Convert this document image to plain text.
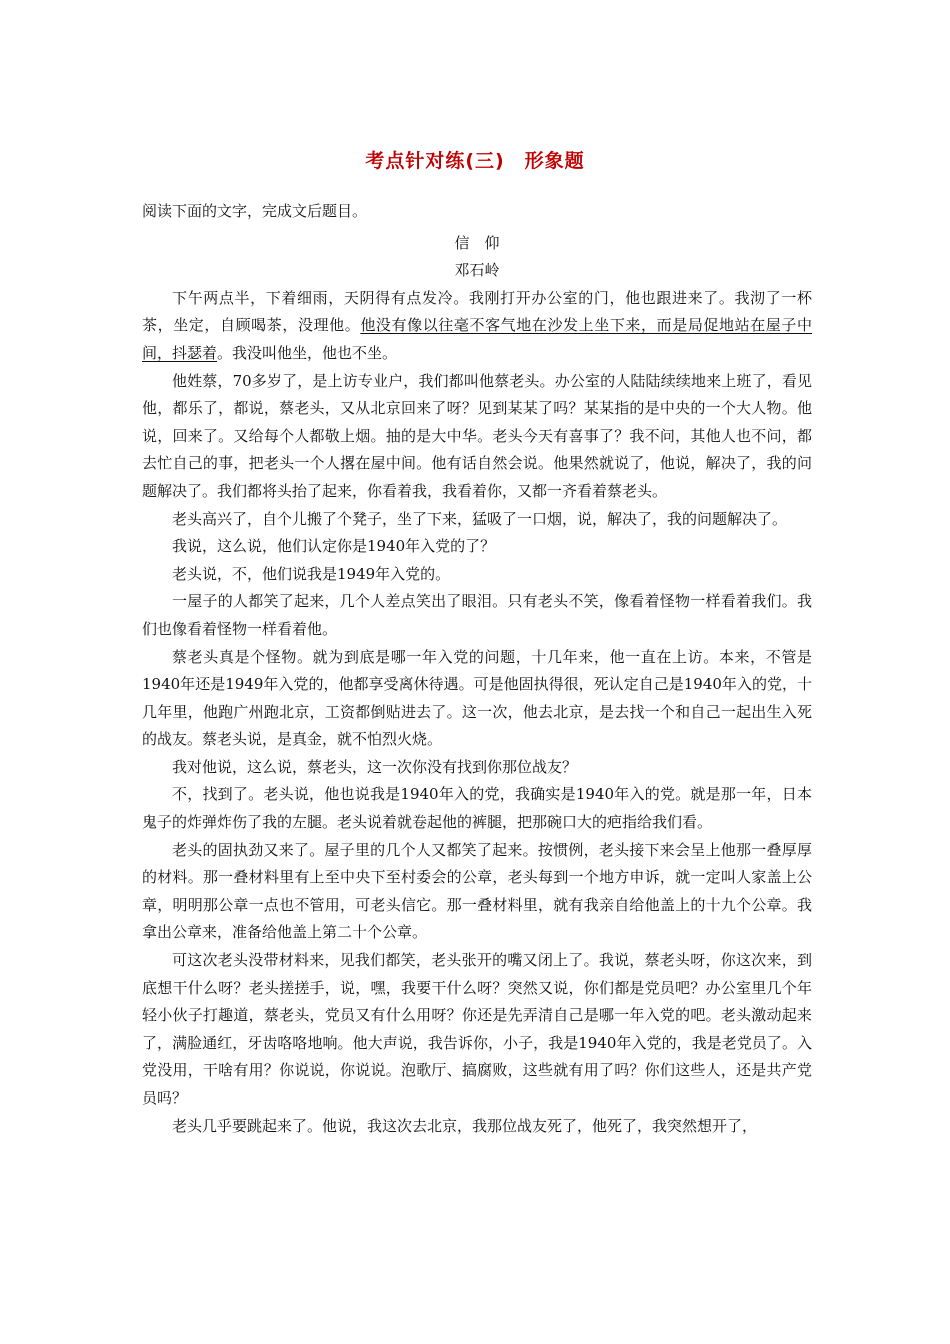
考点针对练(三)　形象题

阅读下面的文字，完成文后题目。

信　仰

邓石岭

下午两点半，下着细雨，天阴得有点发冷。我刚打开办公室的门，他也跟进来了。我沏了一杯茶，坐定，自顾喝茶，没理他。他没有像以往毫不客气地在沙发上坐下来，而是局促地站在屋子中间，抖瑟着。我没叫他坐，他也不坐。

他姓蔡，70多岁了，是上访专业户，我们都叫他蔡老头。办公室的人陆陆续续地来上班了，看见他，都乐了，都说，蔡老头，又从北京回来了呀？见到某某了吗？某某指的是中央的一个大人物。他说，回来了。又给每个人都敬上烟。抽的是大中华。老头今天有喜事了？我不问，其他人也不问，都去忙自己的事，把老头一个人撂在屋中间。他有话自然会说。他果然就说了，他说，解决了，我的问题解决了。我们都将头抬了起来，你看着我，我看着你，又都一齐看着蔡老头。

老头高兴了，自个儿搬了个凳子，坐了下来，猛吸了一口烟，说，解决了，我的问题解决了。

我说，这么说，他们认定你是1940年入党的了？

老头说，不，他们说我是1949年入党的。

一屋子的人都笑了起来，几个人差点笑出了眼泪。只有老头不笑，像看着怪物一样看着我们。我们也像看着怪物一样看着他。

蔡老头真是个怪物。就为到底是哪一年入党的问题，十几年来，他一直在上访。本来，不管是1940年还是1949年入党的，他都享受离休待遇。可是他固执得很，死认定自己是1940年入的党，十几年里，他跑广州跑北京，工资都倒贴进去了。这一次，他去北京，是去找一个和自己一起出生入死的战友。蔡老头说，是真金，就不怕烈火烧。

我对他说，这么说，蔡老头，这一次你没有找到你那位战友？

不，找到了。老头说，他也说我是1940年入的党，我确实是1940年入的党。就是那一年，日本鬼子的炸弹炸伤了我的左腿。老头说着就卷起他的裤腿，把那碗口大的疤指给我们看。

老头的固执劲又来了。屋子里的几个人又都笑了起来。按惯例，老头接下来会呈上他那一叠厚厚的材料。那一叠材料里有上至中央下至村委会的公章，老头每到一个地方申诉，就一定叫人家盖上公章，明明那公章一点也不管用，可老头信它。那一叠材料里，就有我亲自给他盖上的十九个公章。我拿出公章来，准备给他盖上第二十个公章。

可这次老头没带材料来，见我们都笑，老头张开的嘴又闭上了。我说，蔡老头呀，你这次来，到底想干什么呀？老头搓搓手，说，嘿，我要干什么呀？突然又说，你们都是党员吧？办公室里几个年轻小伙子打趣道，蔡老头，党员又有什么用呀？你还是先弄清自己是哪一年入党的吧。老头激动起来了，满脸通红，牙齿咯咯地响。他大声说，我告诉你，小子，我是1940年入党的，我是老党员了。入党没用，干啥有用？你说说，你说说。泡歌厅、搞腐败，这些就有用了吗？你们这些人，还是共产党员吗？

老头几乎要跳起来了。他说，我这次去北京，我那位战友死了，他死了，我突然想开了，
